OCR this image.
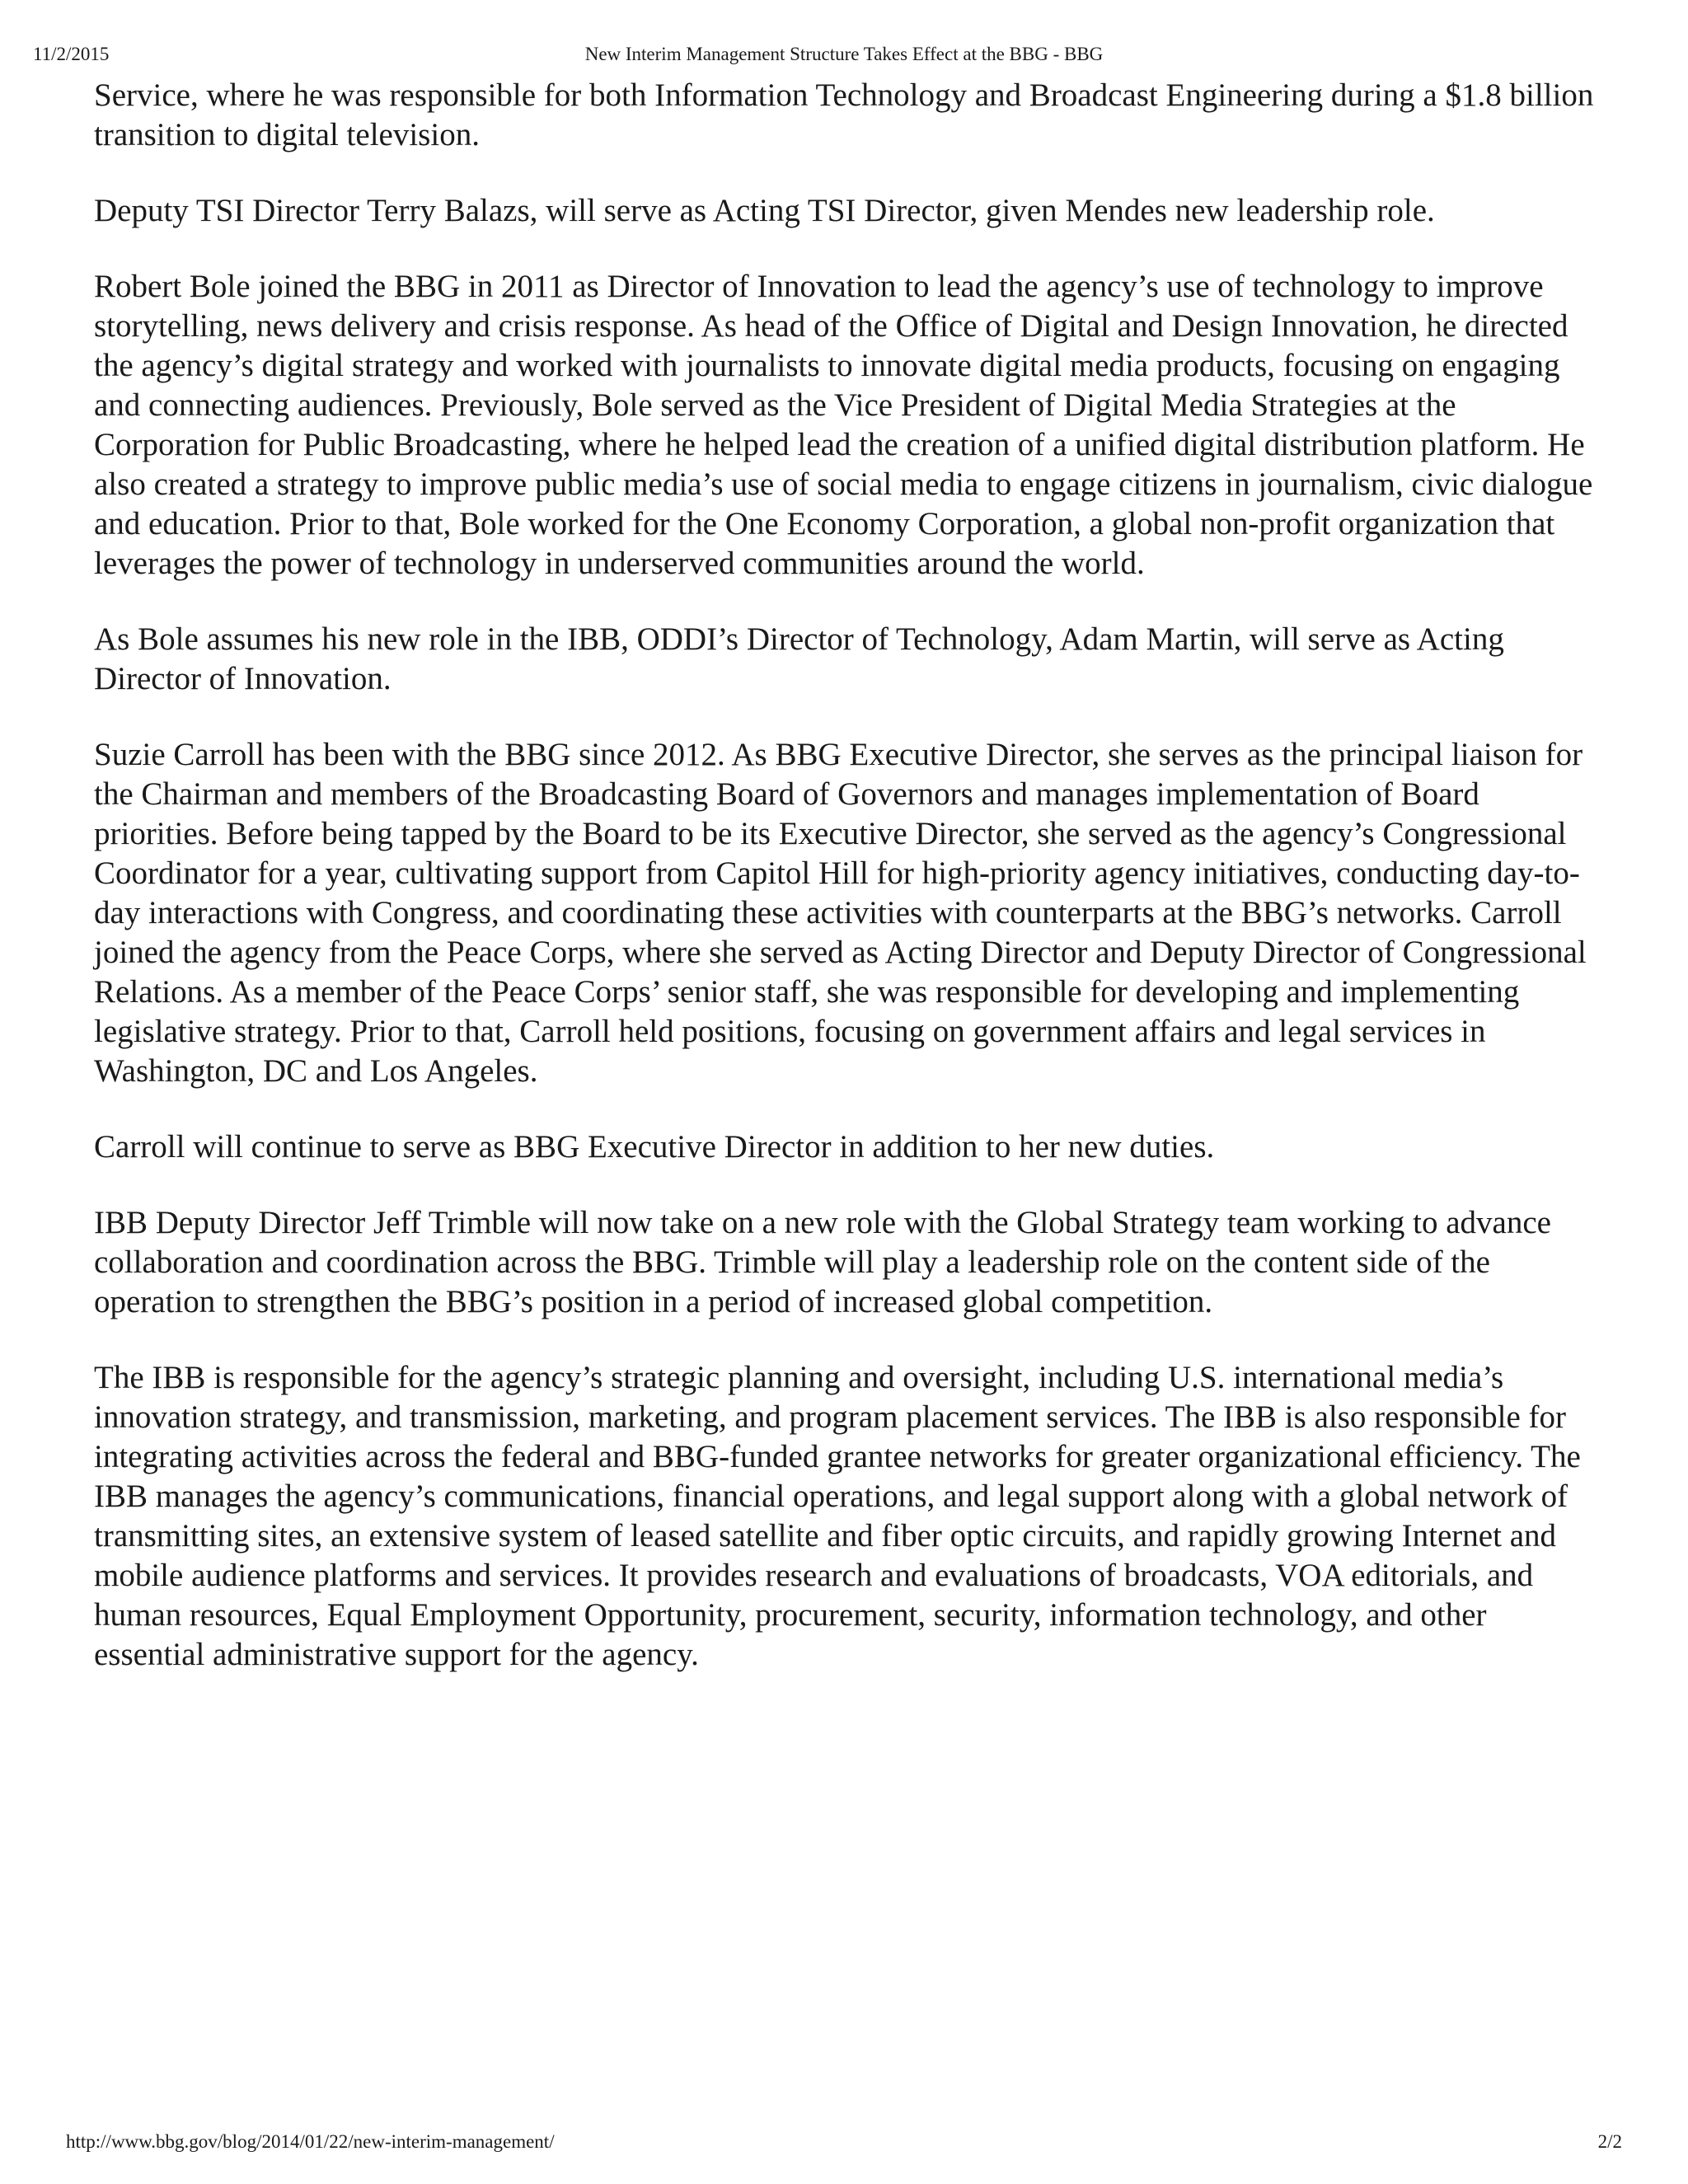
11/2/2015	New Interim Management Structure Takes Effect at the BBG - BBG

Service, where he was responsible for both Information Technology and Broadcast Engineering during a $1.8 billion transition to digital television.

Deputy TSI Director Terry Balazs, will serve as Acting TSI Director, given Mendes new leadership role.

Robert Bole joined the BBG in 2011 as Director of Innovation to lead the agency’s use of technology to improve storytelling, news delivery and crisis response. As head of the Office of Digital and Design Innovation, he directed the agency’s digital strategy and worked with journalists to innovate digital media products, focusing on engaging and connecting audiences. Previously, Bole served as the Vice President of Digital Media Strategies at the Corporation for Public Broadcasting, where he helped lead the creation of a unified digital distribution platform. He also created a strategy to improve public media’s use of social media to engage citizens in journalism, civic dialogue and education. Prior to that, Bole worked for the One Economy Corporation, a global non-profit organization that leverages the power of technology in underserved communities around the world.

As Bole assumes his new role in the IBB, ODDI’s Director of Technology, Adam Martin, will serve as Acting Director of Innovation.

Suzie Carroll has been with the BBG since 2012. As BBG Executive Director, she serves as the principal liaison for the Chairman and members of the Broadcasting Board of Governors and manages implementation of Board priorities. Before being tapped by the Board to be its Executive Director, she served as the agency’s Congressional Coordinator for a year, cultivating support from Capitol Hill for high-priority agency initiatives, conducting day-to-day interactions with Congress, and coordinating these activities with counterparts at the BBG’s networks. Carroll joined the agency from the Peace Corps, where she served as Acting Director and Deputy Director of Congressional Relations. As a member of the Peace Corps’ senior staff, she was responsible for developing and implementing legislative strategy. Prior to that, Carroll held positions, focusing on government affairs and legal services in Washington, DC and Los Angeles.

Carroll will continue to serve as BBG Executive Director in addition to her new duties.

IBB Deputy Director Jeff Trimble will now take on a new role with the Global Strategy team working to advance collaboration and coordination across the BBG. Trimble will play a leadership role on the content side of the operation to strengthen the BBG’s position in a period of increased global competition.

The IBB is responsible for the agency’s strategic planning and oversight, including U.S. international media’s innovation strategy, and transmission, marketing, and program placement services. The IBB is also responsible for integrating activities across the federal and BBG-funded grantee networks for greater organizational efficiency. The IBB manages the agency’s communications, financial operations, and legal support along with a global network of transmitting sites, an extensive system of leased satellite and fiber optic circuits, and rapidly growing Internet and mobile audience platforms and services. It provides research and evaluations of broadcasts, VOA editorials, and human resources, Equal Employment Opportunity, procurement, security, information technology, and other essential administrative support for the agency.

http://www.bbg.gov/blog/2014/01/22/new-interim-management/	2/2
